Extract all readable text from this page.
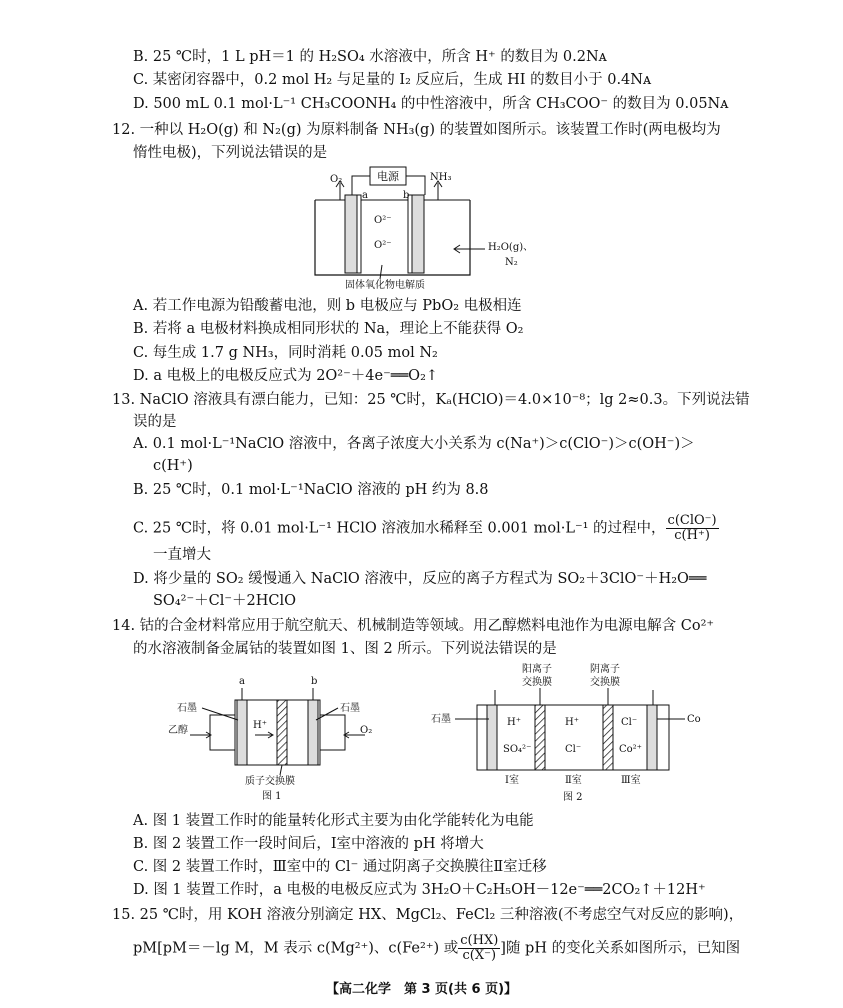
B. 25 ℃时，1 L pH＝1 的 H₂SO₄ 水溶液中，所含 H⁺ 的数目为 0.2Nᴀ
C. 某密闭容器中，0.2 mol H₂ 与足量的 I₂ 反应后，生成 HI 的数目小于 0.4Nᴀ
D. 500 mL 0.1 mol·L⁻¹ CH₃COONH₄ 的中性溶液中，所含 CH₃COO⁻ 的数目为 0.05Nᴀ
12. 一种以 H₂O(g) 和 N₂(g) 为原料制备 NH₃(g) 的装置如图所示。该装置工作时(两电极均为
惰性电极)，下列说法错误的是
电源
O₂	NH₃
a	b
O²⁻
O²⁻	H₂O(g)、
N₂
固体氧化物电解质
A. 若工作电源为铅酸蓄电池，则 b 电极应与 PbO₂ 电极相连
B. 若将 a 电极材料换成相同形状的 Na，理论上不能获得 O₂
C. 每生成 1.7 g NH₃，同时消耗 0.05 mol N₂
D. a 电极上的电极反应式为 2O²⁻＋4e⁻══O₂↑
13. NaClO 溶液具有漂白能力，已知：25 ℃时，Kₐ(HClO)＝4.0×10⁻⁸；lg 2≈0.3。下列说法错
误的是
A. 0.1 mol·L⁻¹NaClO 溶液中，各离子浓度大小关系为 c(Na⁺)＞c(ClO⁻)＞c(OH⁻)＞
c(H⁺)
B. 25 ℃时，0.1 mol·L⁻¹NaClO 溶液的 pH 约为 8.8
C. 25 ℃时，将 0.01 mol·L⁻¹ HClO 溶液加水稀释至 0.001 mol·L⁻¹ 的过程中， $\frac{\text{c(ClO⁻)}}{c(H^+)}$
一直增大
D. 将少量的 SO₂ 缓慢通入 NaClO 溶液中，反应的离子方程式为 SO₂＋3ClO⁻＋H₂O══
SO₄²⁻＋Cl⁻＋2HClO
14. 钴的合金材料常应用于航空航天、机械制造等领域。用乙醇燃料电池作为电源电解含 Co²⁺
的水溶液制备金属钴的装置如图 1、图 2 所示。下列说法错误的是
a	b
H⁺
石墨	石墨
乙醇	O₂
质子交换膜
图 1
阳离子
交换膜
阴离子
交换膜
石墨	Co
H⁺
SO₄²⁻
H⁺
Cl⁻
Cl⁻
Co²⁺
Ⅰ室	Ⅱ室	Ⅲ室
图 2
A. 图 1 装置工作时的能量转化形式主要为由化学能转化为电能
B. 图 2 装置工作一段时间后，Ⅰ室中溶液的 pH 将增大
C. 图 2 装置工作时，Ⅲ室中的 Cl⁻ 通过阴离子交换膜往Ⅱ室迁移
D. 图 1 装置工作时，a 电极的电极反应式为 3H₂O＋C₂H₅OH－12e⁻══2CO₂↑＋12H⁺
15. 25 ℃时，用 KOH 溶液分别滴定 HX、MgCl₂、FeCl₂ 三种溶液(不考虑空气对反应的影响)，
pM[pM＝－lg M，M 表示 c(Mg²⁺)、c(Fe²⁺) 或 $\frac{c(HX)}{c(X^-)}$ ]随 pH 的变化关系如图所示，已知图
【高二化学　第 3 页(共 6 页)】
